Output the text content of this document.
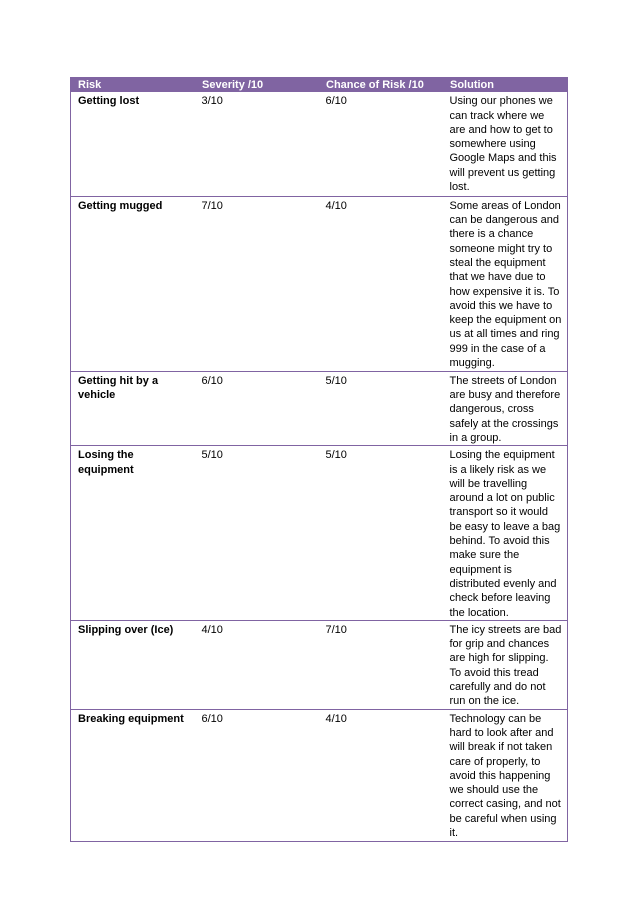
Risk	Severity /10	Chance of Risk /10	Solution
Getting lost	3/10	6/10	Using our phones we can track where we are and how to get to somewhere using Google Maps and this will prevent us getting lost.
Getting mugged	7/10	4/10	Some areas of London can be dangerous and there is a chance someone might try to steal the equipment that we have due to how expensive it is. To avoid this we have to keep the equipment on us at all times and ring 999 in the case of a mugging.
Getting hit by a vehicle	6/10	5/10	The streets of London are busy and therefore dangerous, cross safely at the crossings in a group.
Losing the equipment	5/10	5/10	Losing the equipment is a likely risk as we will be travelling around a lot on public transport so it would be easy to leave a bag behind. To avoid this make sure the equipment is distributed evenly and check before leaving the location.
Slipping over (Ice)	4/10	7/10	The icy streets are bad for grip and chances are high for slipping. To avoid this tread carefully and do not run on the ice.
Breaking equipment	6/10	4/10	Technology can be hard to look after and will break if not taken care of properly, to avoid this happening we should use the correct casing, and not be careful when using it.
